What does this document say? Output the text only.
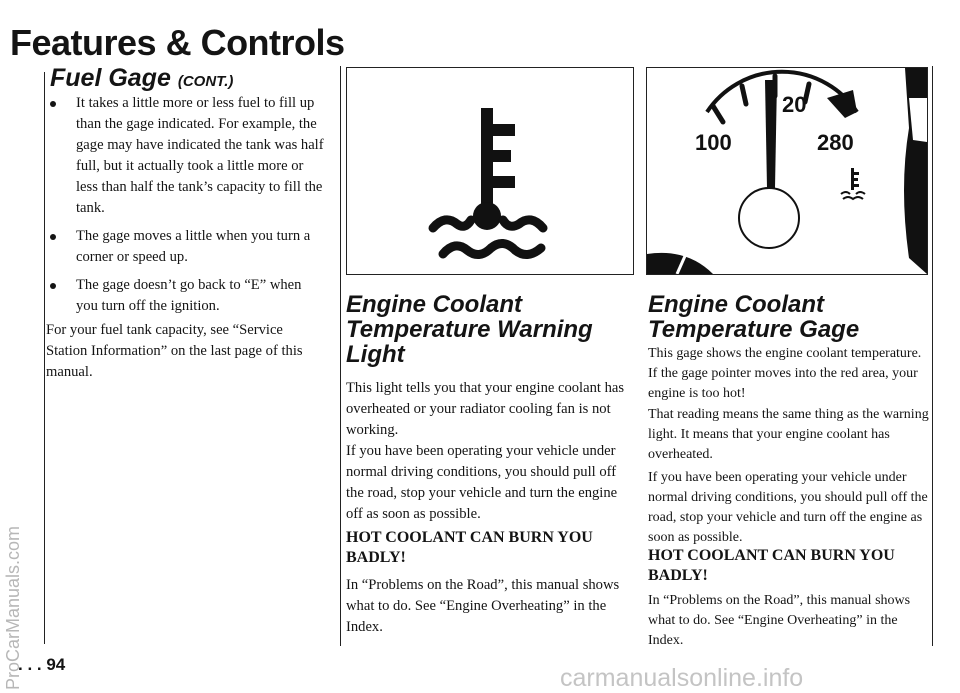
Features & Controls
Fuel Gage (CONT.)
It takes a little more or less fuel to fill up than the gage indicated. For example, the gage may have indicated the tank was half full, but it actually took a little more or less than half the tank’s capacity to fill the tank.
The gage moves a little when you turn a corner or speed up.
The gage doesn’t go back to “E” when you turn off the ignition.
For your fuel tank capacity, see “Service Station Information” on the last page of this manual.
Engine Coolant Temperature Warning Light
This light tells you that your engine coolant has overheated or your radiator cooling fan is not working.
If you have been operating your vehicle under normal driving conditions, you should pull off the road, stop your vehicle and turn the engine off as soon as possible.
HOT COOLANT CAN BURN YOU BADLY!
In “Problems on the Road”, this manual shows what to do. See “Engine Overheating” in the Index.
100
20
280
Engine Coolant Temperature Gage
This gage shows the engine coolant temperature. If the gage pointer moves into the red area, your engine is too hot!
That reading means the same thing as the warning light. It means that your engine coolant has overheated.
If you have been operating your vehicle under normal driving conditions, you should pull off the road, stop your vehicle and turn off the engine as soon as possible.
HOT COOLANT CAN BURN YOU BADLY!
In “Problems on the Road”, this manual shows what to do. See “Engine Overheating” in the Index.
. . . 94
ProCarManuals.com	carmanualsonline.info
